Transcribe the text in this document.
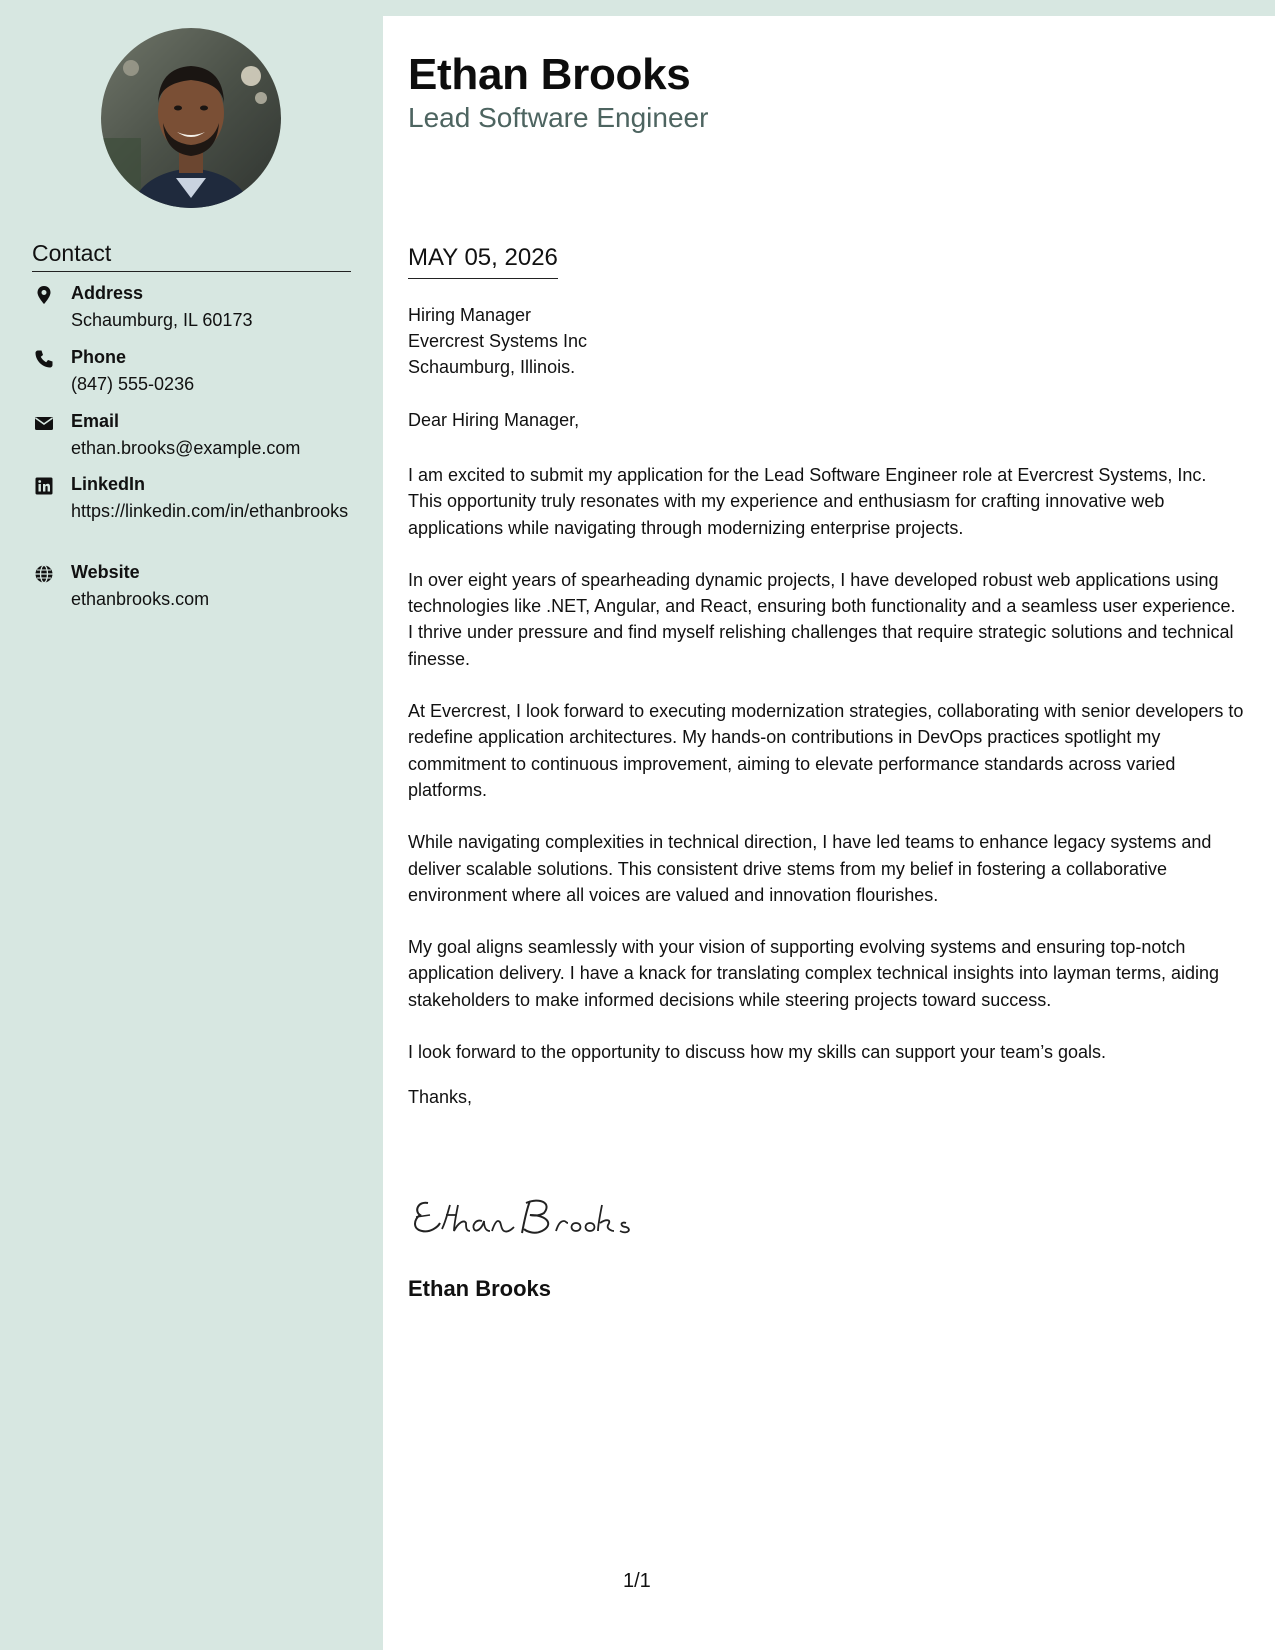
Contact
Address
Schaumburg, IL 60173
Phone
(847) 555-0236
Email
ethan.brooks@example.com
LinkedIn
https://linkedin.com/in/ethanbrooks
Website
ethanbrooks.com
Ethan Brooks
Lead Software Engineer
MAY 05, 2026
Hiring Manager
Evercrest Systems Inc
Schaumburg, Illinois.
Dear Hiring Manager,

I am excited to submit my application for the Lead Software Engineer role at Evercrest Systems, Inc. This opportunity truly resonates with my experience and enthusiasm for crafting innovative web applications while navigating through modernizing enterprise projects.

In over eight years of spearheading dynamic projects, I have developed robust web applications using technologies like .NET, Angular, and React, ensuring both functionality and a seamless user experience. I thrive under pressure and find myself relishing challenges that require strategic solutions and technical finesse.

At Evercrest, I look forward to executing modernization strategies, collaborating with senior developers to redefine application architectures. My hands-on contributions in DevOps practices spotlight my commitment to continuous improvement, aiming to elevate performance standards across varied platforms.

While navigating complexities in technical direction, I have led teams to enhance legacy systems and deliver scalable solutions. This consistent drive stems from my belief in fostering a collaborative environment where all voices are valued and innovation flourishes.

My goal aligns seamlessly with your vision of supporting evolving systems and ensuring top-notch application delivery. I have a knack for translating complex technical insights into layman terms, aiding stakeholders to make informed decisions while steering projects toward success.

I look forward to the opportunity to discuss how my skills can support your team’s goals.

Thanks,
Ethan Brooks
1/1
